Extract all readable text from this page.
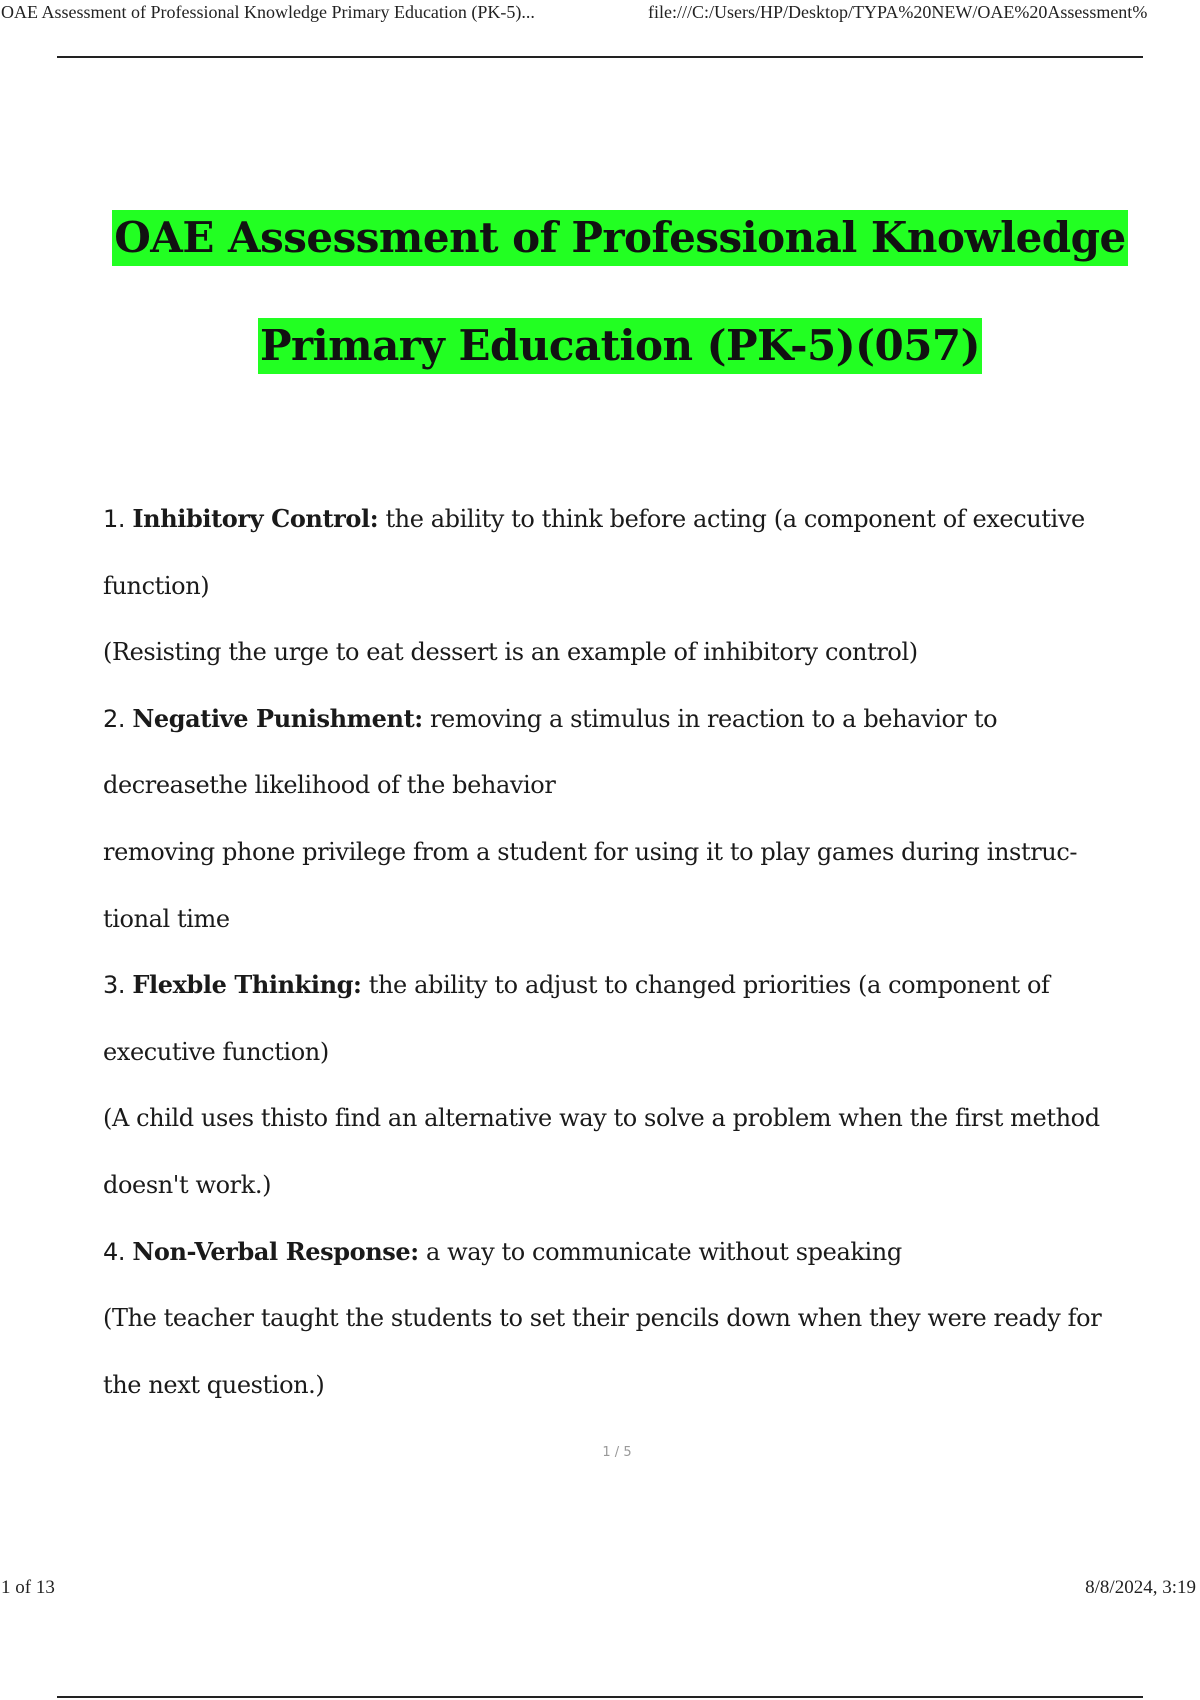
OAE Assessment of Professional Knowledge Primary Education (PK-5)...	file:///C:/Users/HP/Desktop/TYPA%20NEW/OAE%20Assessment%
OAE Assessment of Professional Knowledge
Primary Education (PK-5)(057)

1. Inhibitory Control: the ability to think before acting (a component of executive function)

(Resisting the urge to eat dessert is an example of inhibitory control)

2. Negative Punishment: removing a stimulus in reaction to a behavior to decreasethe likelihood of the behavior

removing phone privilege from a student for using it to play games during instruc-tional time

3. Flexble Thinking: the ability to adjust to changed priorities (a component of executive function)

(A child uses thisto find an alternative way to solve a problem when the first method doesn't work.)

4. Non-Verbal Response: a way to communicate without speaking

(The teacher taught the students to set their pencils down when they were ready for the next question.)

1 / 5
1 of 13	8/8/2024, 3:19
